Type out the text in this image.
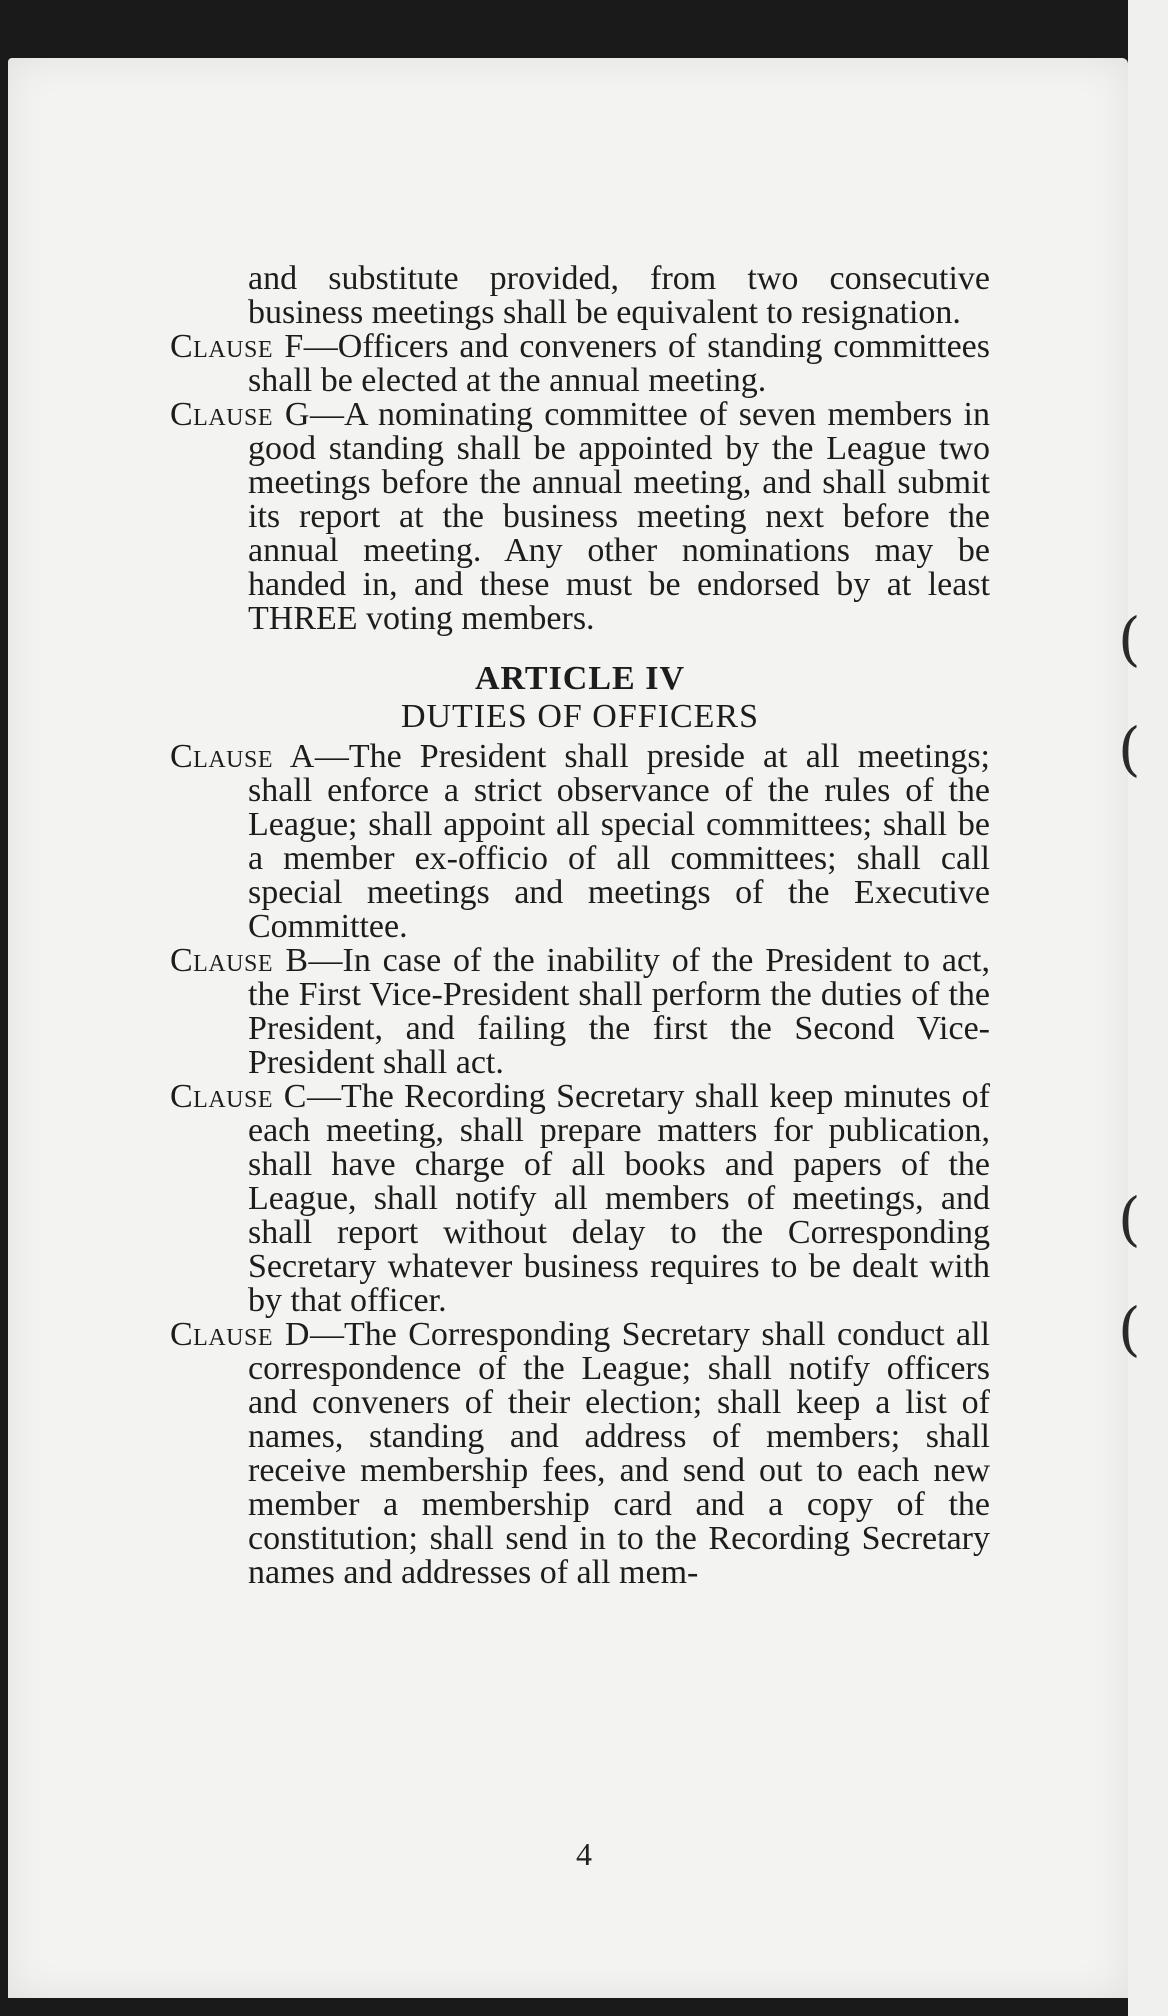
(
(
(
(

and substitute provided, from two consecutive business meetings shall be equivalent to resignation.

Clause F—Officers and conveners of standing committees shall be elected at the annual meeting.

Clause G—A nominating committee of seven members in good standing shall be appointed by the League two meetings before the annual meeting, and shall submit its report at the business meeting next before the annual meeting. Any other nominations may be handed in, and these must be endorsed by at least THREE voting members.

ARTICLE IV

DUTIES OF OFFICERS

Clause A—The President shall preside at all meetings; shall enforce a strict observance of the rules of the League; shall appoint all special committees; shall be a member ex-officio of all committees; shall call special meetings and meetings of the Executive Committee.

Clause B—In case of the inability of the President to act, the First Vice-President shall perform the duties of the President, and failing the first the Second Vice-President shall act.

Clause C—The Recording Secretary shall keep minutes of each meeting, shall prepare matters for publication, shall have charge of all books and papers of the League, shall notify all members of meetings, and shall report without delay to the Corresponding Secretary whatever business requires to be dealt with by that officer.

Clause D—The Corresponding Secretary shall conduct all correspondence of the League; shall notify officers and conveners of their election; shall keep a list of names, standing and address of members; shall receive membership fees, and send out to each new member a membership card and a copy of the constitution; shall send in to the Recording Secretary names and addresses of all mem-

4
